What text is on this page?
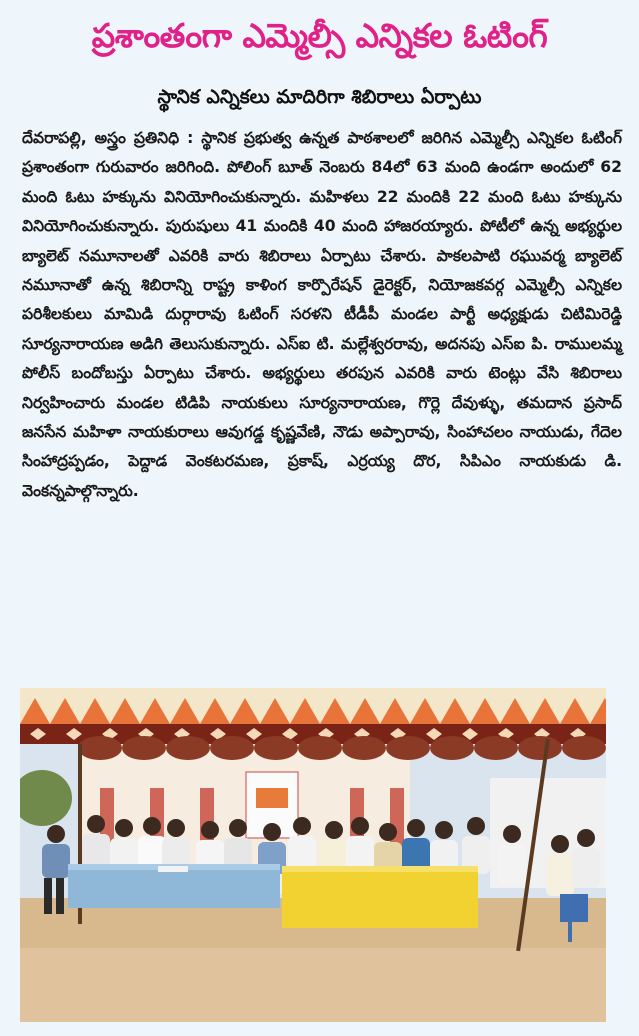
ప్రశాంతంగా ఎమ్మెల్సీ ఎన్నికల ఓటింగ్
స్థానిక ఎన్నికలు మాదిరిగా శిబిరాలు ఏర్పాటు
దేవరాపల్లి, అస్త్రం ప్రతినిధి : స్థానిక ప్రభుత్వ ఉన్నత పాఠశాలలో జరిగిన ఎమ్మెల్సీ ఎన్నికల ఓటింగ్ ప్రశాంతంగా గురువారం జరిగింది. పోలింగ్ బూత్ నెంబరు 84లో 63 మంది ఉండగా అందులో 62 మంది ఓటు హక్కును వినియోగించుకున్నారు. మహిళలు 22 మందికి 22 మంది ఓటు హక్కును వినియోగించుకున్నారు. పురుషులు 41 మందికి 40 మంది హాజరయ్యారు. పోటీలో ఉన్న అభ్యర్థుల బ్యాలెట్ నమూనాలతో ఎవరికి వారు శిబిరాలు ఏర్పాటు చేశారు. పాకలపాటి రఘువర్మ బ్యాలెట్ నమూనాతో ఉన్న శిబిరాన్ని రాష్ట్ర కాళింగ కార్పొరేషన్ డైరెక్టర్, నియోజకవర్గ ఎమ్మెల్సీ ఎన్నికల పరిశీలకులు మామిడి దుర్గారావు ఓటింగ్ సరళని టీడీపీ మండల పార్టీ అధ్యక్షుడు చిటిమిరెడ్డి సూర్యనారాయణ అడిగి తెలుసుకున్నారు. ఎస్ఐ టి. మల్లేశ్వరరావు, అదనపు ఎస్ఐ పి. రాములమ్మ పోలీస్ బందోబస్తు ఏర్పాటు చేశారు. అభ్యర్థులు తరపున ఎవరికి వారు టెంట్లు వేసి శిబిరాలు నిర్వహించారు మండల టిడిపి నాయకులు సూర్యనారాయణ, గొర్లె దేవుళ్ళు, తమదాన ప్రసాద్ జనసేన మహిళా నాయకురాలు ఆవుగడ్డ కృష్ణవేణి, నౌడు అప్పారావు, సింహాచలం నాయుడు, గేదెల సింహాద్రప్పడం, పెద్దాడ వెంకటరమణ, ప్రకాష్, ఎర్రయ్య దొర, సిపిఎం నాయకుడు డి. వెంకన్నపాల్గొన్నారు.
